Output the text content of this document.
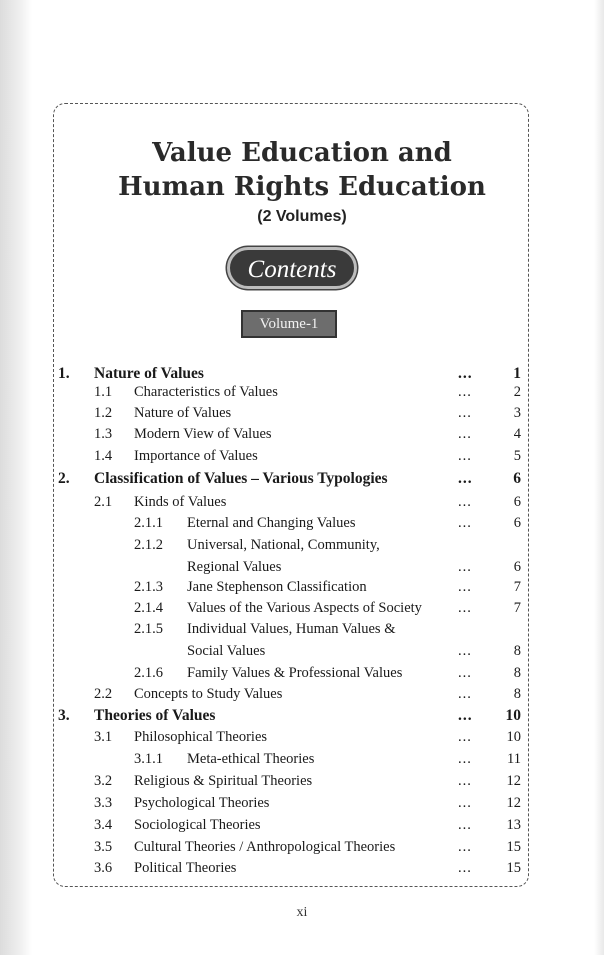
Value Education and
Human Rights Education
(2 Volumes)
Contents
Volume-1
1. Nature of Values	...	1
1.1 Characteristics of Values	...	2
1.2 Nature of Values	...	3
1.3 Modern View of Values	...	4
1.4 Importance of Values	...	5
2. Classification of Values – Various Typologies	...	6
2.1 Kinds of Values	...	6
2.1.1 Eternal and Changing Values	...	6
2.1.2 Universal, National, Community,
Regional Values	...	6
2.1.3 Jane Stephenson Classification	...	7
2.1.4 Values of the Various Aspects of Society ...	7
2.1.5 Individual Values, Human Values &
Social Values	...	8
2.1.6 Family Values & Professional Values	...	8
2.2 Concepts to Study Values	...	8
3. Theories of Values	... 10
3.1 Philosophical Theories	... 10
3.1.1 Meta-ethical Theories	... 11
3.2 Religious & Spiritual Theories	... 12
3.3 Psychological Theories	... 12
3.4 Sociological Theories	... 13
3.5 Cultural Theories / Anthropological Theories	... 15
3.6 Political Theories	... 15
xi
